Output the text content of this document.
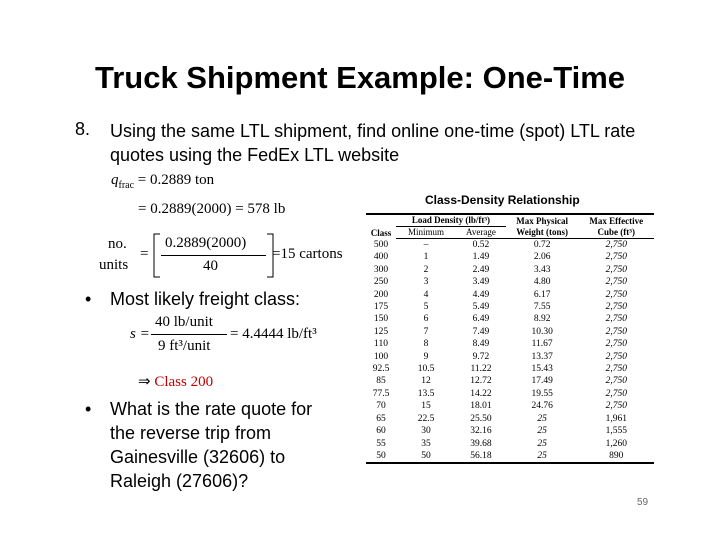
Truck Shipment Example: One-Time
8. Using the same LTL shipment, find online one-time (spot) LTL rate quotes using the FedEx LTL website
$q_{frac} = 0.2889$ ton
= 0.2889(2000) = 578 lb
no.
units
=
0.2889(2000)
40
=15 cartons
• Most likely freight class:
s =
40 lb/unit
9 ft³/unit
= 4.4444 lb/ft³
⇒ Class 200
• What is the rate quote for
the reverse trip from
Gainesville (32606) to
Raleigh (27606)?
Class-Density Relationship
Class	Load Density (lb/ft³)		Max Physical	Max Effective
	Minimum	Average	Weight (tons)	Cube (ft³)
500	–	0.52	0.72	2,750
400	1	1.49	2.06	2,750
300	2	2.49	3.43	2,750
250	3	3.49	4.80	2,750
200	4	4.49	6.17	2,750
175	5	5.49	7.55	2,750
150	6	6.49	8.92	2,750
125	7	7.49	10.30	2,750
110	8	8.49	11.67	2,750
100	9	9.72	13.37	2,750
92.5	10.5	11.22	15.43	2,750
85	12	12.72	17.49	2,750
77.5	13.5	14.22	19.55	2,750
70	15	18.01	24.76	2,750
65	22.5	25.50	25	1,961
60	30	32.16	25	1,555
55	35	39.68	25	1,260
50	50	56.18	25	890
59
